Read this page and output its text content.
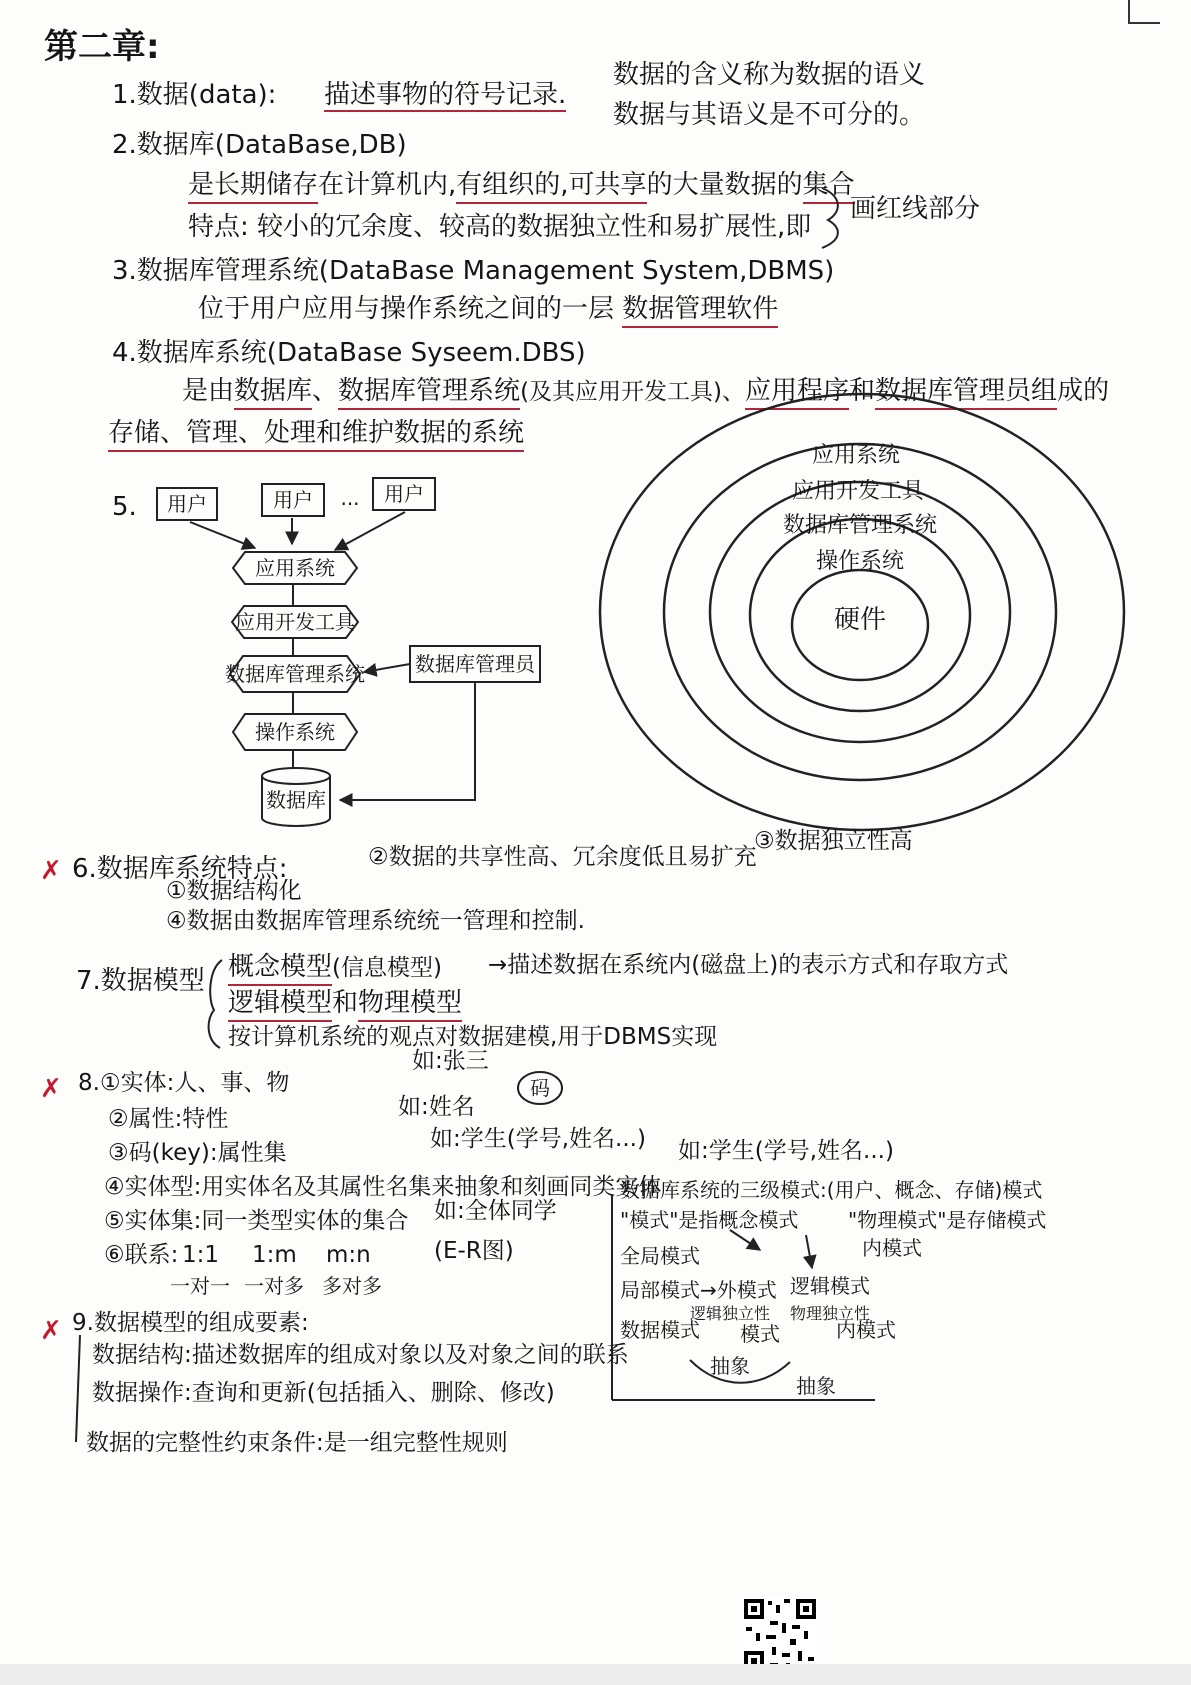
第二章:
1.数据(data): 描述事物的符号记录.
数据的含义称为数据的语义
数据与其语义是不可分的。
2.数据库(DataBase,DB)
是长期储存在计算机内,有组织的,可共享的大量数据的集合
特点: 较小的冗余度、较高的数据独立性和易扩展性,即
画红线部分
3.数据库管理系统(DataBase Management System,DBMS)
位于用户应用与操作系统之间的一层 数据管理软件
4.数据库系统(DataBase Syseem.DBS)
是由数据库、数据库管理系统(及其应用开发工具)、应用程序和数据库管理员组成的
存储、管理、处理和维护数据的系统
5. 用户	用户 ... 用户
应用系统
应用开发工具
数据库管理系统
操作系统
数据库
数据库管理员
应用系统
应用开发工具
数据库管理系统
操作系统
硬件
✗ 6.数据库系统特点:	②数据的共享性高、冗余度低且易扩充
③数据独立性高
①数据结构化
④数据由数据库管理系统统一管理和控制.
7.数据模型 概念模型(信息模型) →描述数据在系统内(磁盘上)的表示方式和存取方式
逻辑模型和物理模型
按计算机系统的观点对数据建模,用于DBMS实现
✗ 8.①实体:人、事、物
如:张三
②属性:特性	如:姓名
码
③码(key):属性集
如:学生(学号,姓名...) 如:学生(学号,姓名...)
④实体型:用实体名及其属性名集来抽象和刻画同类实体
⑤实体集:同一类型实体的集合 如:全体同学
⑥联系: 1:1 1:m m:n	(E-R图)
一对一 一对多 多对多
数据库系统的三级模式:(用户、概念、存储)模式
"模式"是指概念模式 "物理模式"是存储模式
内模式
全局模式
局部模式→外模式 逻辑模式
数据模式
逻辑独立性
模式
物理独立性
内模式
抽象
抽象
✗ 9.数据模型的组成要素:
数据结构:描述数据库的组成对象以及对象之间的联系
数据操作:查询和更新(包括插入、删除、修改)
数据的完整性约束条件:是一组完整性规则
